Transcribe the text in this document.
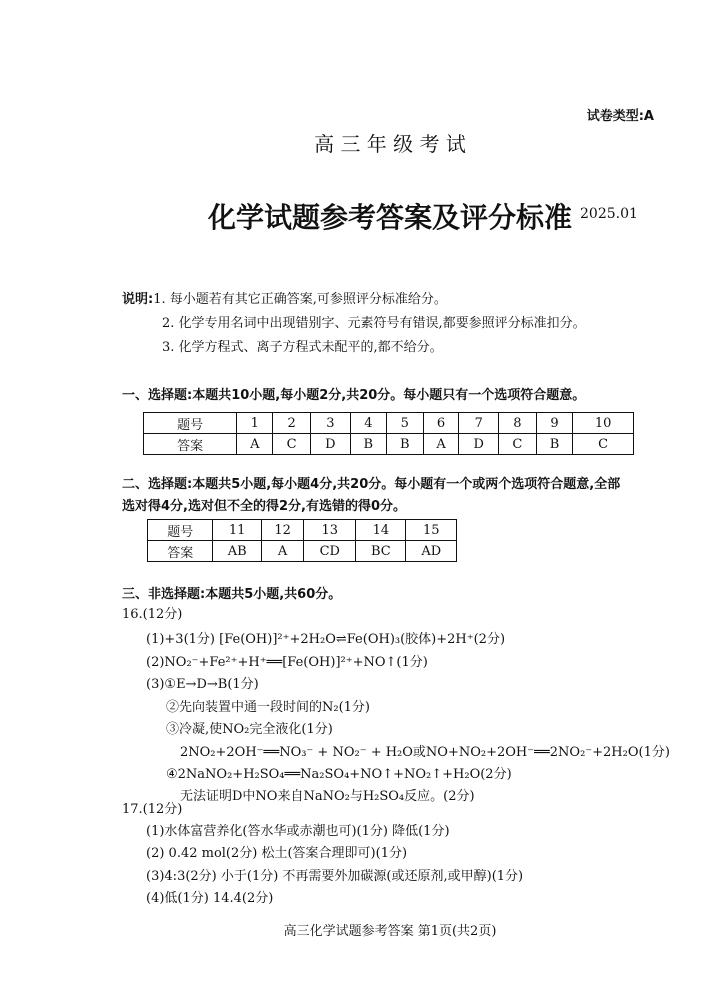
试卷类型:A
高 三 年 级 考 试
化学试题参考答案及评分标准 2025.01
说明:1. 每小题若有其它正确答案,可参照评分标准给分。
2. 化学专用名词中出现错别字、元素符号有错误,都要参照评分标准扣分。
3. 化学方程式、离子方程式未配平的,都不给分。
一、选择题:本题共10小题,每小题2分,共20分。每小题只有一个选项符合题意。
题号	1	2	3	4	5	6	7	8	9	10
答案	A	C	D	B	B	A	D	C	B	C
二、选择题:本题共5小题,每小题4分,共20分。每小题有一个或两个选项符合题意,全部
选对得4分,选对但不全的得2分,有选错的得0分。
题号	11	12	13	14	15
答案	AB	A	CD	BC	AD
三、非选择题:本题共5小题,共60分。
16.(12分)
(1)+3(1分) [Fe(OH)]²⁺+2H₂O⇌Fe(OH)₃(胶体)+2H⁺(2分)
(2)NO₂⁻+Fe²⁺+H⁺══[Fe(OH)]²⁺+NO↑(1分)
(3)①E→D→B(1分)
②先向装置中通一段时间的N₂(1分)
③冷凝,使NO₂完全液化(1分)
2NO₂+2OH⁻══NO₃⁻ + NO₂⁻ + H₂O或NO+NO₂+2OH⁻══2NO₂⁻+2H₂O(1分)
④2NaNO₂+H₂SO₄══Na₂SO₄+NO↑+NO₂↑+H₂O(2分)
无法证明D中NO来自NaNO₂与H₂SO₄反应。(2分)
17.(12分)
(1)水体富营养化(答水华或赤潮也可)(1分) 降低(1分)
(2) 0.42 mol(2分) 松土(答案合理即可)(1分)
(3)4:3(2分) 小于(1分) 不再需要外加碳源(或还原剂,或甲醇)(1分)
(4)低(1分) 14.4(2分)
高三化学试题参考答案 第1页(共2页)
